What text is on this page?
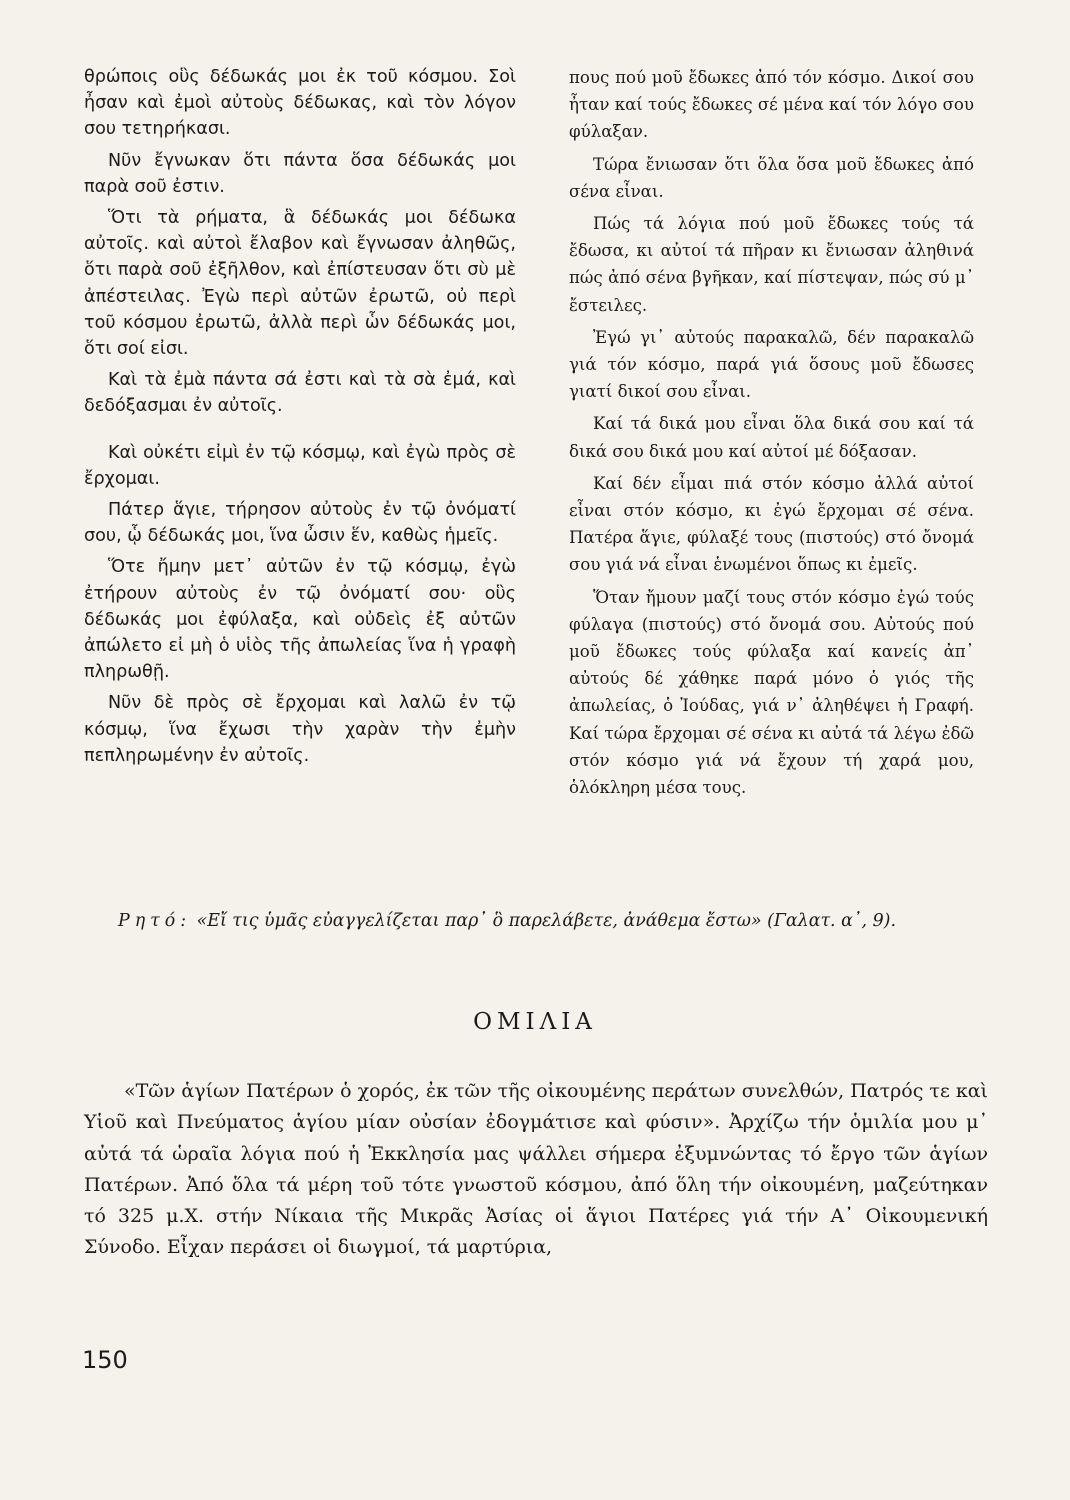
θρώποις οὓς δέδωκάς μοι ἐκ τοῦ κόσμου. Σοὶ ἦσαν καὶ ἐμοὶ αὐτοὺς δέδωκας, καὶ τὸν λόγον σου τετηρήκασι.

Νῦν ἔγνωκαν ὅτι πάντα ὅσα δέδωκάς μοι παρὰ σοῦ ἐστιν.

Ὅτι τὰ ρήματα, ἃ δέδωκάς μοι δέδωκα αὐτοῖς. καὶ αὐτοὶ ἔλαβον καὶ ἔγνωσαν ἀληθῶς, ὅτι παρὰ σοῦ ἐξῆλθον, καὶ ἐπίστευσαν ὅτι σὺ μὲ ἀπέστειλας. Ἐγὼ περὶ αὐτῶν ἐρωτῶ, οὐ περὶ τοῦ κόσμου ἐρωτῶ, ἀλλὰ περὶ ὧν δέδωκάς μοι, ὅτι σοί εἰσι.

Καὶ τὰ ἐμὰ πάντα σά ἐστι καὶ τὰ σὰ ἐμά, καὶ δεδόξασμαι ἐν αὐτοῖς.

Καὶ οὐκέτι εἰμὶ ἐν τῷ κόσμῳ, καὶ ἐγὼ πρὸς σὲ ἔρχομαι.

Πάτερ ἅγιε, τήρησον αὐτοὺς ἐν τῷ ὀνόματί σου, ᾧ δέδωκάς μοι, ἵνα ὦσιν ἕν, καθὼς ἡμεῖς.

Ὅτε ἤμην μετ᾽ αὐτῶν ἐν τῷ κόσμῳ, ἐγὼ ἐτήρουν αὐτοὺς ἐν τῷ ὀνόματί σου· οὓς δέδωκάς μοι ἐφύλαξα, καὶ οὐδεὶς ἐξ αὐτῶν ἀπώλετο εἰ μὴ ὁ υἱὸς τῆς ἀπωλείας ἵνα ἡ γραφὴ πληρωθῇ.

Νῦν δὲ πρὸς σὲ ἔρχομαι καὶ λαλῶ ἐν τῷ κόσμῳ, ἵνα ἔχωσι τὴν χαρὰν τὴν ἐμὴν πεπληρωμένην ἐν αὐτοῖς.

πους πού μοῦ ἔδωκες ἀπό τόν κόσμο. Δικοί σου ἦταν καί τούς ἔδωκες σέ μένα καί τόν λόγο σου φύλαξαν.

Τώρα ἔνιωσαν ὅτι ὅλα ὅσα μοῦ ἔδωκες ἀπό σένα εἶναι.

Πώς τά λόγια πού μοῦ ἔδωκες τούς τά ἔδωσα, κι αὐτοί τά πῆραν κι ἔνιωσαν ἀληθινά πώς ἀπό σένα βγῆκαν, καί πίστεψαν, πώς σύ μ᾽ ἔστειλες.

Ἐγώ γι᾽ αὐτούς παρακαλῶ, δέν παρακαλῶ γιά τόν κόσμο, παρά γιά ὅσους μοῦ ἔδωσες γιατί δικοί σου εἶναι.

Καί τά δικά μου εἶναι ὅλα δικά σου καί τά δικά σου δικά μου καί αὐτοί μέ δόξασαν.

Καί δέν εἶμαι πιά στόν κόσμο ἀλλά αὐτοί εἶναι στόν κόσμο, κι ἐγώ ἔρχομαι σέ σένα. Πατέρα ἅγιε, φύλαξέ τους (πιστούς) στό ὄνομά σου γιά νά εἶναι ἑνωμένοι ὅπως κι ἐμεῖς.

Ὅταν ἤμουν μαζί τους στόν κόσμο ἐγώ τούς φύλαγα (πιστούς) στό ὄνομά σου. Αὐτούς πού μοῦ ἔδωκες τούς φύλαξα καί κανείς ἀπ᾽ αὐτούς δέ χάθηκε παρά μόνο ὁ γιός τῆς ἀπωλείας, ὁ Ἰούδας, γιά ν᾽ ἀληθέψει ἡ Γραφή. Καί τώρα ἔρχομαι σέ σένα κι αὐτά τά λέγω ἐδῶ στόν κόσμο γιά νά ἔχουν τή χαρά μου, ὁλόκληρη μέσα τους.

Ρητό: «Εἴ τις ὑμᾶς εὐαγγελίζεται παρ᾽ ὃ παρελάβετε, ἀνάθεμα ἔστω» (Γαλατ. α᾽, 9).
ΟΜΙΛΙΑ

«Τῶν ἁγίων Πατέρων ὁ χορός, ἐκ τῶν τῆς οἰκουμένης περάτων συνελθών, Πατρός τε καὶ Υἱοῦ καὶ Πνεύματος ἁγίου μίαν οὐσίαν ἐδογμάτισε καὶ φύσιν». Ἀρχίζω τήν ὁμιλία μου μ᾽ αὐτά τά ὡραῖα λόγια πού ἡ Ἐκκλησία μας ψάλλει σήμερα ἐξυμνώντας τό ἔργο τῶν ἁγίων Πατέρων. Ἀπό ὅλα τά μέρη τοῦ τότε γνωστοῦ κόσμου, ἀπό ὅλη τήν οἰκουμένη, μαζεύτηκαν τό 325 μ.Χ. στήν Νίκαια τῆς Μικρᾶς Ἀσίας οἱ ἅγιοι Πατέρες γιά τήν Α᾽ Οἰκουμενική Σύνοδο. Εἶχαν περάσει οἱ διωγμοί, τά μαρτύρια,

150
